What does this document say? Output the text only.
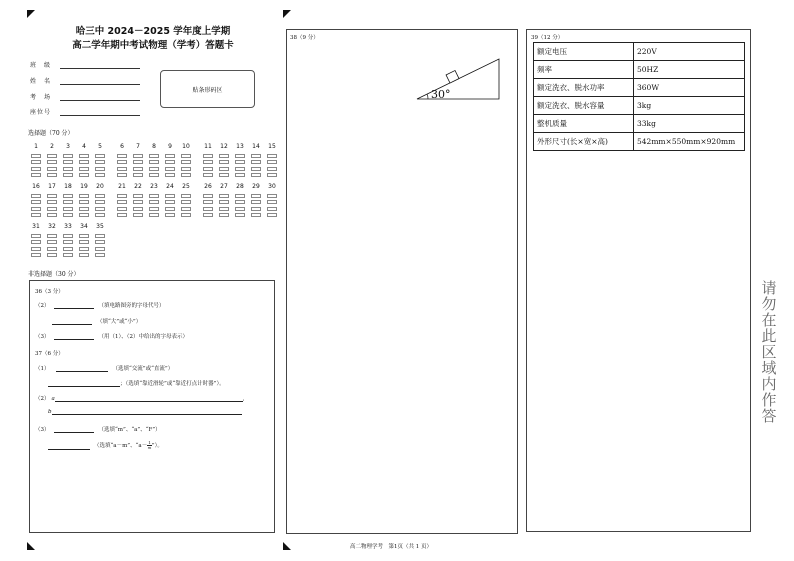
哈三中 2024－2025 学年度上学期
高二学年期中考试物理（学考）答题卡
班　级
姓　名
考　场
座位号
贴条形码区
选择题（70 分）
1 2 3 4 5	6 7 8 9 10 11 12 13 14 15
16 17 18 19 20 21 22 23 24 25 26 27 28 29 30
31 32 33 34 35
非选择题（30 分）
36（3 分）
（2）	（填电路图旁的字母代号）
（填“大”或“小”）
（3）	（用（1）、（2）中给出的字母表示）
37（6 分）
（1）	（选填“交流”或“直流”）
；（选填“靠近滑轮”或“靠近打点计时器”）。
（2） a	,
b
（3）	（选填“m”、“a”、“F”）
（选填“a－m”、“$a- \frac{1}{m}$ ”）。
38（9 分）
30°
39（12 分）
额定电压	220V
频率	50HZ
额定洗衣、脱水功率	360W
额定洗衣、脱水容量	3kg
整机质量	33kg
外形尺寸(长×宽×高)	542mm×550mm×920mm
请勿在此区域内作答
高二物理学考　第1页（共 1 页）
